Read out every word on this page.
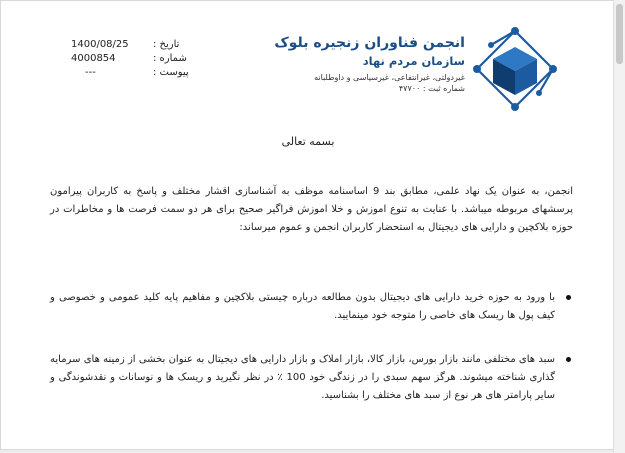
انجمن فناوران زنجیره بلوک
سازمان مردم نهاد
غیردولتی، غیرانتفاعی، غیرسیاسی و داوطلبانه
شماره ثبت : ۴۷۷۰۰
1400/08/25 تاریخ :
4000854	شماره :
---	پیوست :
بسمه تعالی
انجمن، به عنوان یک نهاد علمی، مطابق بند 9 اساسنامه موظف به آشناسازی اقشار مختلف و پاسخ به کاربران پیرامون پرسشهای مربوطه میباشد. با عنایت به تنوع اموزش و خلا اموزش فراگیر صحیح برای هر دو سمت فرصت ها و مخاطرات در حوزه بلاکچین و دارایی های دیجیتال به استحضار کاربران انجمن و عموم میرساند:
با ورود به حوزه خرید دارایی های دیجیتال بدون مطالعه درباره چیستی بلاکچین و مفاهیم پایه کلید عمومی و خصوصی و کیف پول ها ریسک های خاصی را متوجه خود مینمایید.
سبد های مختلفی مانند بازار بورس، بازار کالا، بازار املاک و بازار دارایی های دیجیتال به عنوان بخشی از زمینه های سرمایه گذاری شناخته میشوند. هرگز سهم سبدی را در زندگی خود 100 ٪ در نظر نگیرید و ریسک ها و نوسانات و نقدشوندگی و سایر پارامتر های هر نوع از سبد های مختلف را بشناسید.
